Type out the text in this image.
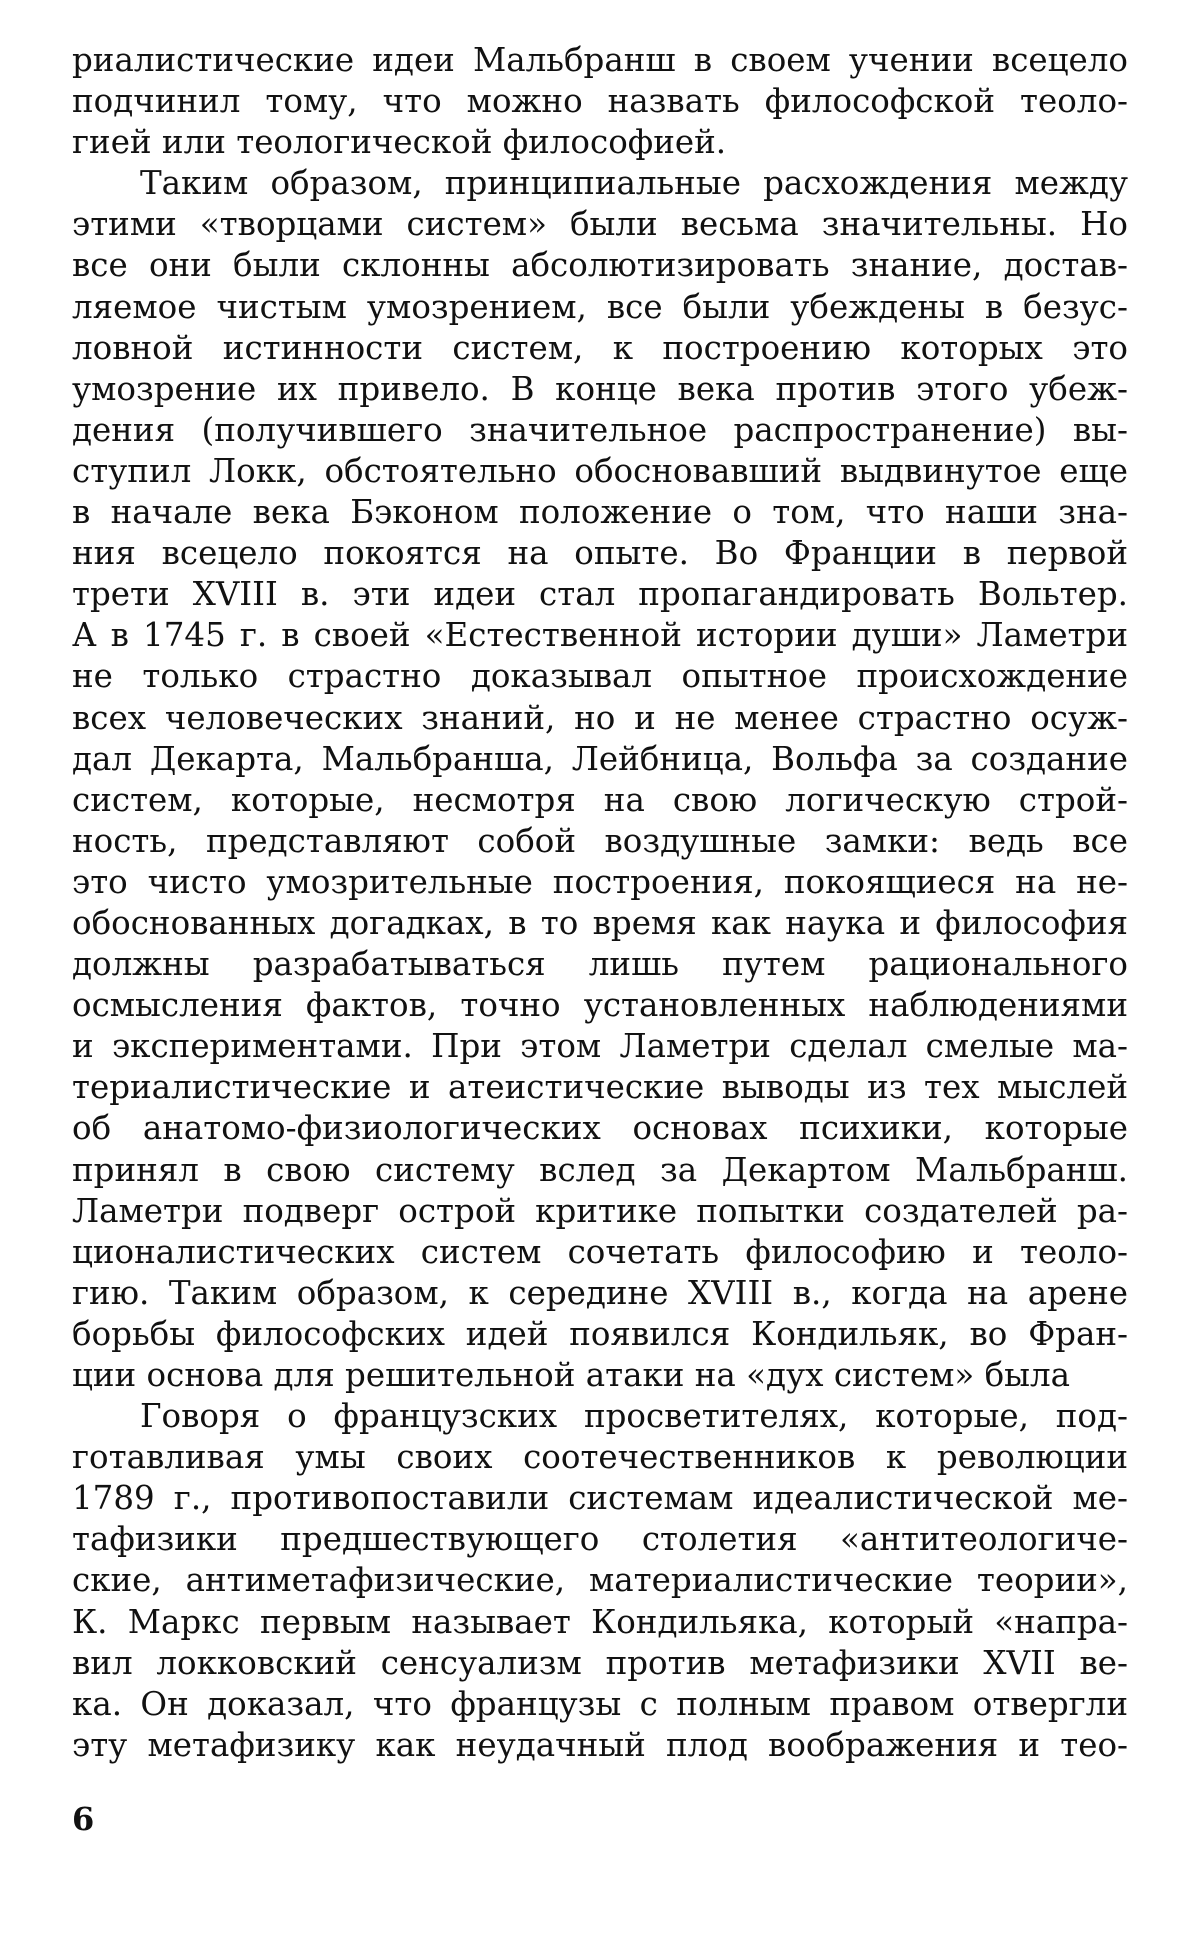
риалистические идеи Мальбранш в своем учении всецело
подчинил тому, что можно назвать философской теоло-
гией или теологической философией.
Таким образом, принципиальные расхождения между
этими «творцами систем» были весьма значительны. Но
все они были склонны абсолютизировать знание, достав-
ляемое чистым умозрением, все были убеждены в безус-
ловной истинности систем, к построению которых это
умозрение их привело. В конце века против этого убеж-
дения (получившего значительное распространение) вы-
ступил Локк, обстоятельно обосновавший выдвинутое еще
в начале века Бэконом положение о том, что наши зна-
ния всецело покоятся на опыте. Во Франции в первой
трети XVIII в. эти идеи стал пропагандировать Вольтер.
А в 1745 г. в своей «Естественной истории души» Ламетри
не только страстно доказывал опытное происхождение
всех человеческих знаний, но и не менее страстно осуж-
дал Декарта, Мальбранша, Лейбница, Вольфа за создание
систем, которые, несмотря на свою логическую строй-
ность, представляют собой воздушные замки: ведь все
это чисто умозрительные построения, покоящиеся на не-
обоснованных догадках, в то время как наука и философия
должны разрабатываться лишь путем рационального
осмысления фактов, точно установленных наблюдениями
и экспериментами. При этом Ламетри сделал смелые ма-
териалистические и атеистические выводы из тех мыслей
об анатомо-физиологических основах психики, которые
принял в свою систему вслед за Декартом Мальбранш.
Ламетри подверг острой критике попытки создателей ра-
ционалистических систем сочетать философию и теоло-
гию. Таким образом, к середине XVIII в., когда на арене
борьбы философских идей появился Кондильяк, во Фран-
ции основа для решительной атаки на «дух систем» была
Говоря о французских просветителях, которые, под-
готавливая умы своих соотечественников к революции
1789 г., противопоставили системам идеалистической ме-
тафизики предшествующего столетия «антитеологиче-
ские, антиметафизические, материалистические теории»,
К. Маркс первым называет Кондильяка, который «напра-
вил локковский сенсуализм против метафизики XVII ве-
ка. Он доказал, что французы с полным правом отвергли
эту метафизику как неудачный плод воображения и тео-
6
